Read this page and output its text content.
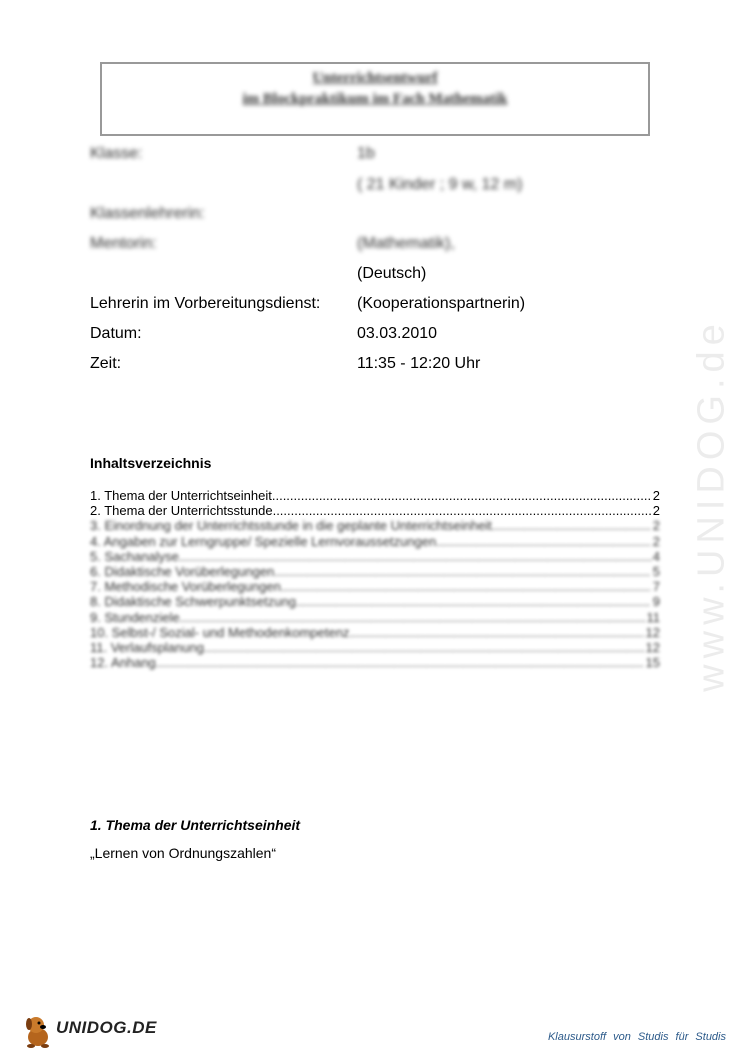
www.UNIDOG.de
Unterrichtsentwurf
im Blockpraktikum im Fach Mathematik
Klasse:	1b
( 21 Kinder ; 9 w, 12 m)
Klassenlehrerin:
Mentorin:	(Mathematik),
(Deutsch)
Lehrerin im Vorbereitungsdienst: (Kooperationspartnerin)
Datum:	03.03.2010
Zeit:	11:35 - 12:20 Uhr
Inhaltsverzeichnis
1. Thema der Unterrichtseinheit .....	2
2. Thema der Unterrichtsstunde .....	2
3. Einordnung der Unterrichtsstunde in die geplante Unterrichtseinheit .....	2
4. Angaben zur Lerngruppe/ Spezielle Lernvoraussetzungen .....	2
5. Sachanalyse .....	4
6. Didaktische Vorüberlegungen .....	5
7. Methodische Vorüberlegungen .....	7
8. Didaktische Schwerpunktsetzung .....	9
9. Stundenziele .....	11
10. Selbst-/ Sozial- und Methodenkompetenz .....	12
11. Verlaufsplanung .....	12
12. Anhang .....	15
1. Thema der Unterrichtseinheit
„Lernen von Ordnungszahlen“
UNIDOG.DE	Klausurstoff von Studis für Studis
